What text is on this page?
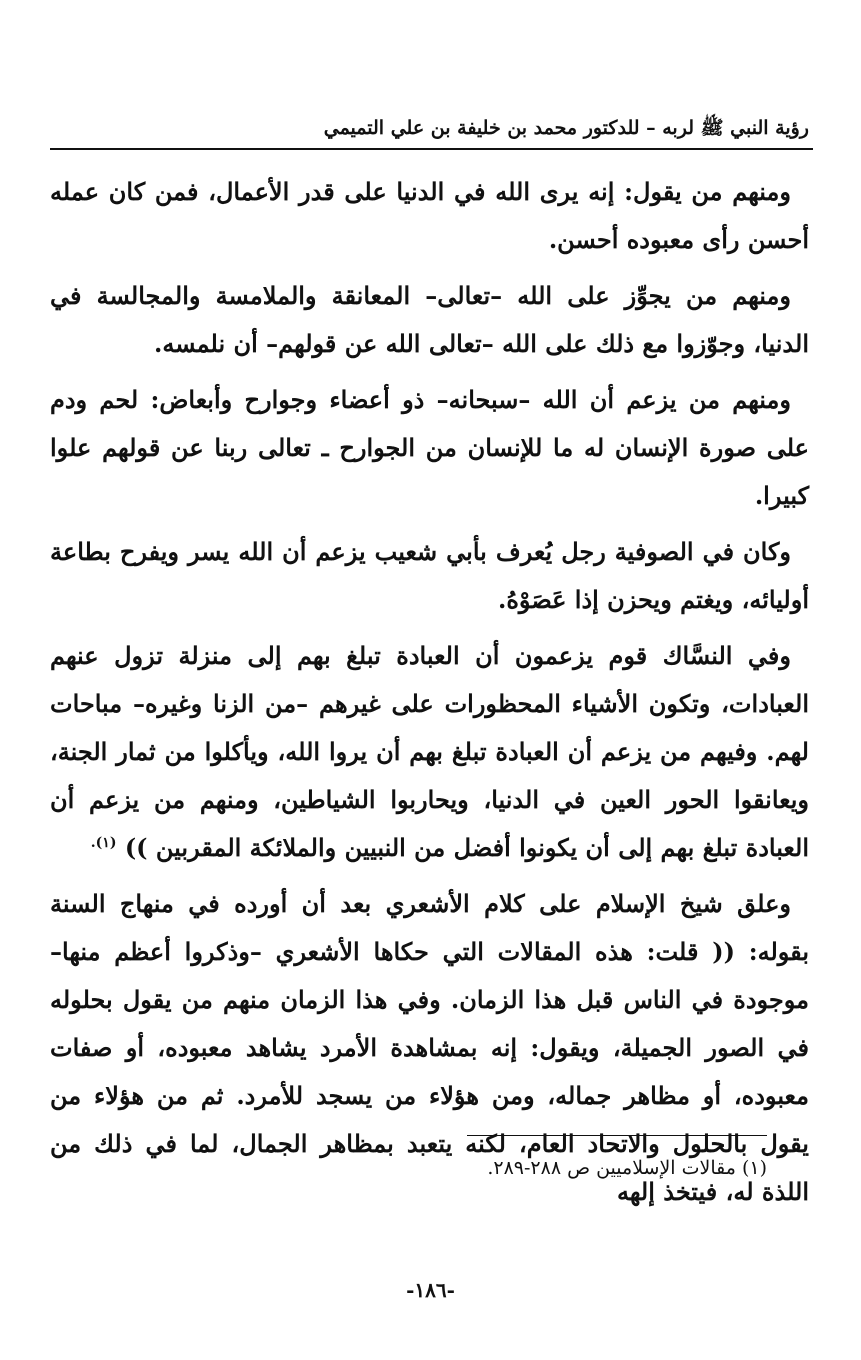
رؤية النبي ﷺ لربه – للدكتور محمد بن خليفة بن علي التميمي

ومنهم من يقول: إنه يرى الله في الدنيا على قدر الأعمال، فمن كان عمله أحسن رأى معبوده أحسن.

ومنهم من يجوِّز على الله –تعالى– المعانقة والملامسة والمجالسة في الدنيا، وجوّزوا مع ذلك على الله –تعالى الله عن قولهم– أن نلمسه.

ومنهم من يزعم أن الله –سبحانه– ذو أعضاء وجوارح وأبعاض: لحم ودم على صورة الإنسان له ما للإنسان من الجوارح ـ تعالى ربنا عن قولهم علوا كبيرا.

وكان في الصوفية رجل يُعرف بأبي شعيب يزعم أن الله يسر ويفرح بطاعة أوليائه، ويغتم ويحزن إذا عَصَوْهُ.

وفي النسَّاك قوم يزعمون أن العبادة تبلغ بهم إلى منزلة تزول عنهم العبادات، وتكون الأشياء المحظورات على غيرهم –من الزنا وغيره– مباحات لهم. وفيهم من يزعم أن العبادة تبلغ بهم أن يروا الله، ويأكلوا من ثمار الجنة، ويعانقوا الحور العين في الدنيا، ويحاربوا الشياطين، ومنهم من يزعم أن العبادة تبلغ بهم إلى أن يكونوا أفضل من النبيين والملائكة المقربين )) $^{(١).}$

وعلق شيخ الإسلام على كلام الأشعري بعد أن أورده في منهاج السنة بقوله: (( قلت: هذه المقالات التي حكاها الأشعري –وذكروا أعظم منها– موجودة في الناس قبل هذا الزمان. وفي هذا الزمان منهم من يقول بحلوله في الصور الجميلة، ويقول: إنه بمشاهدة الأمرد يشاهد معبوده، أو صفات معبوده، أو مظاهر جماله، ومن هؤلاء من يسجد للأمرد. ثم من هؤلاء من يقول بالحلول والاتحاد العام، لكنه يتعبد بمظاهر الجمال، لما في ذلك من اللذة له، فيتخذ إلهه

(١) مقالات الإسلاميين ص ٢٨٨-٢٨٩.
-١٨٦-
